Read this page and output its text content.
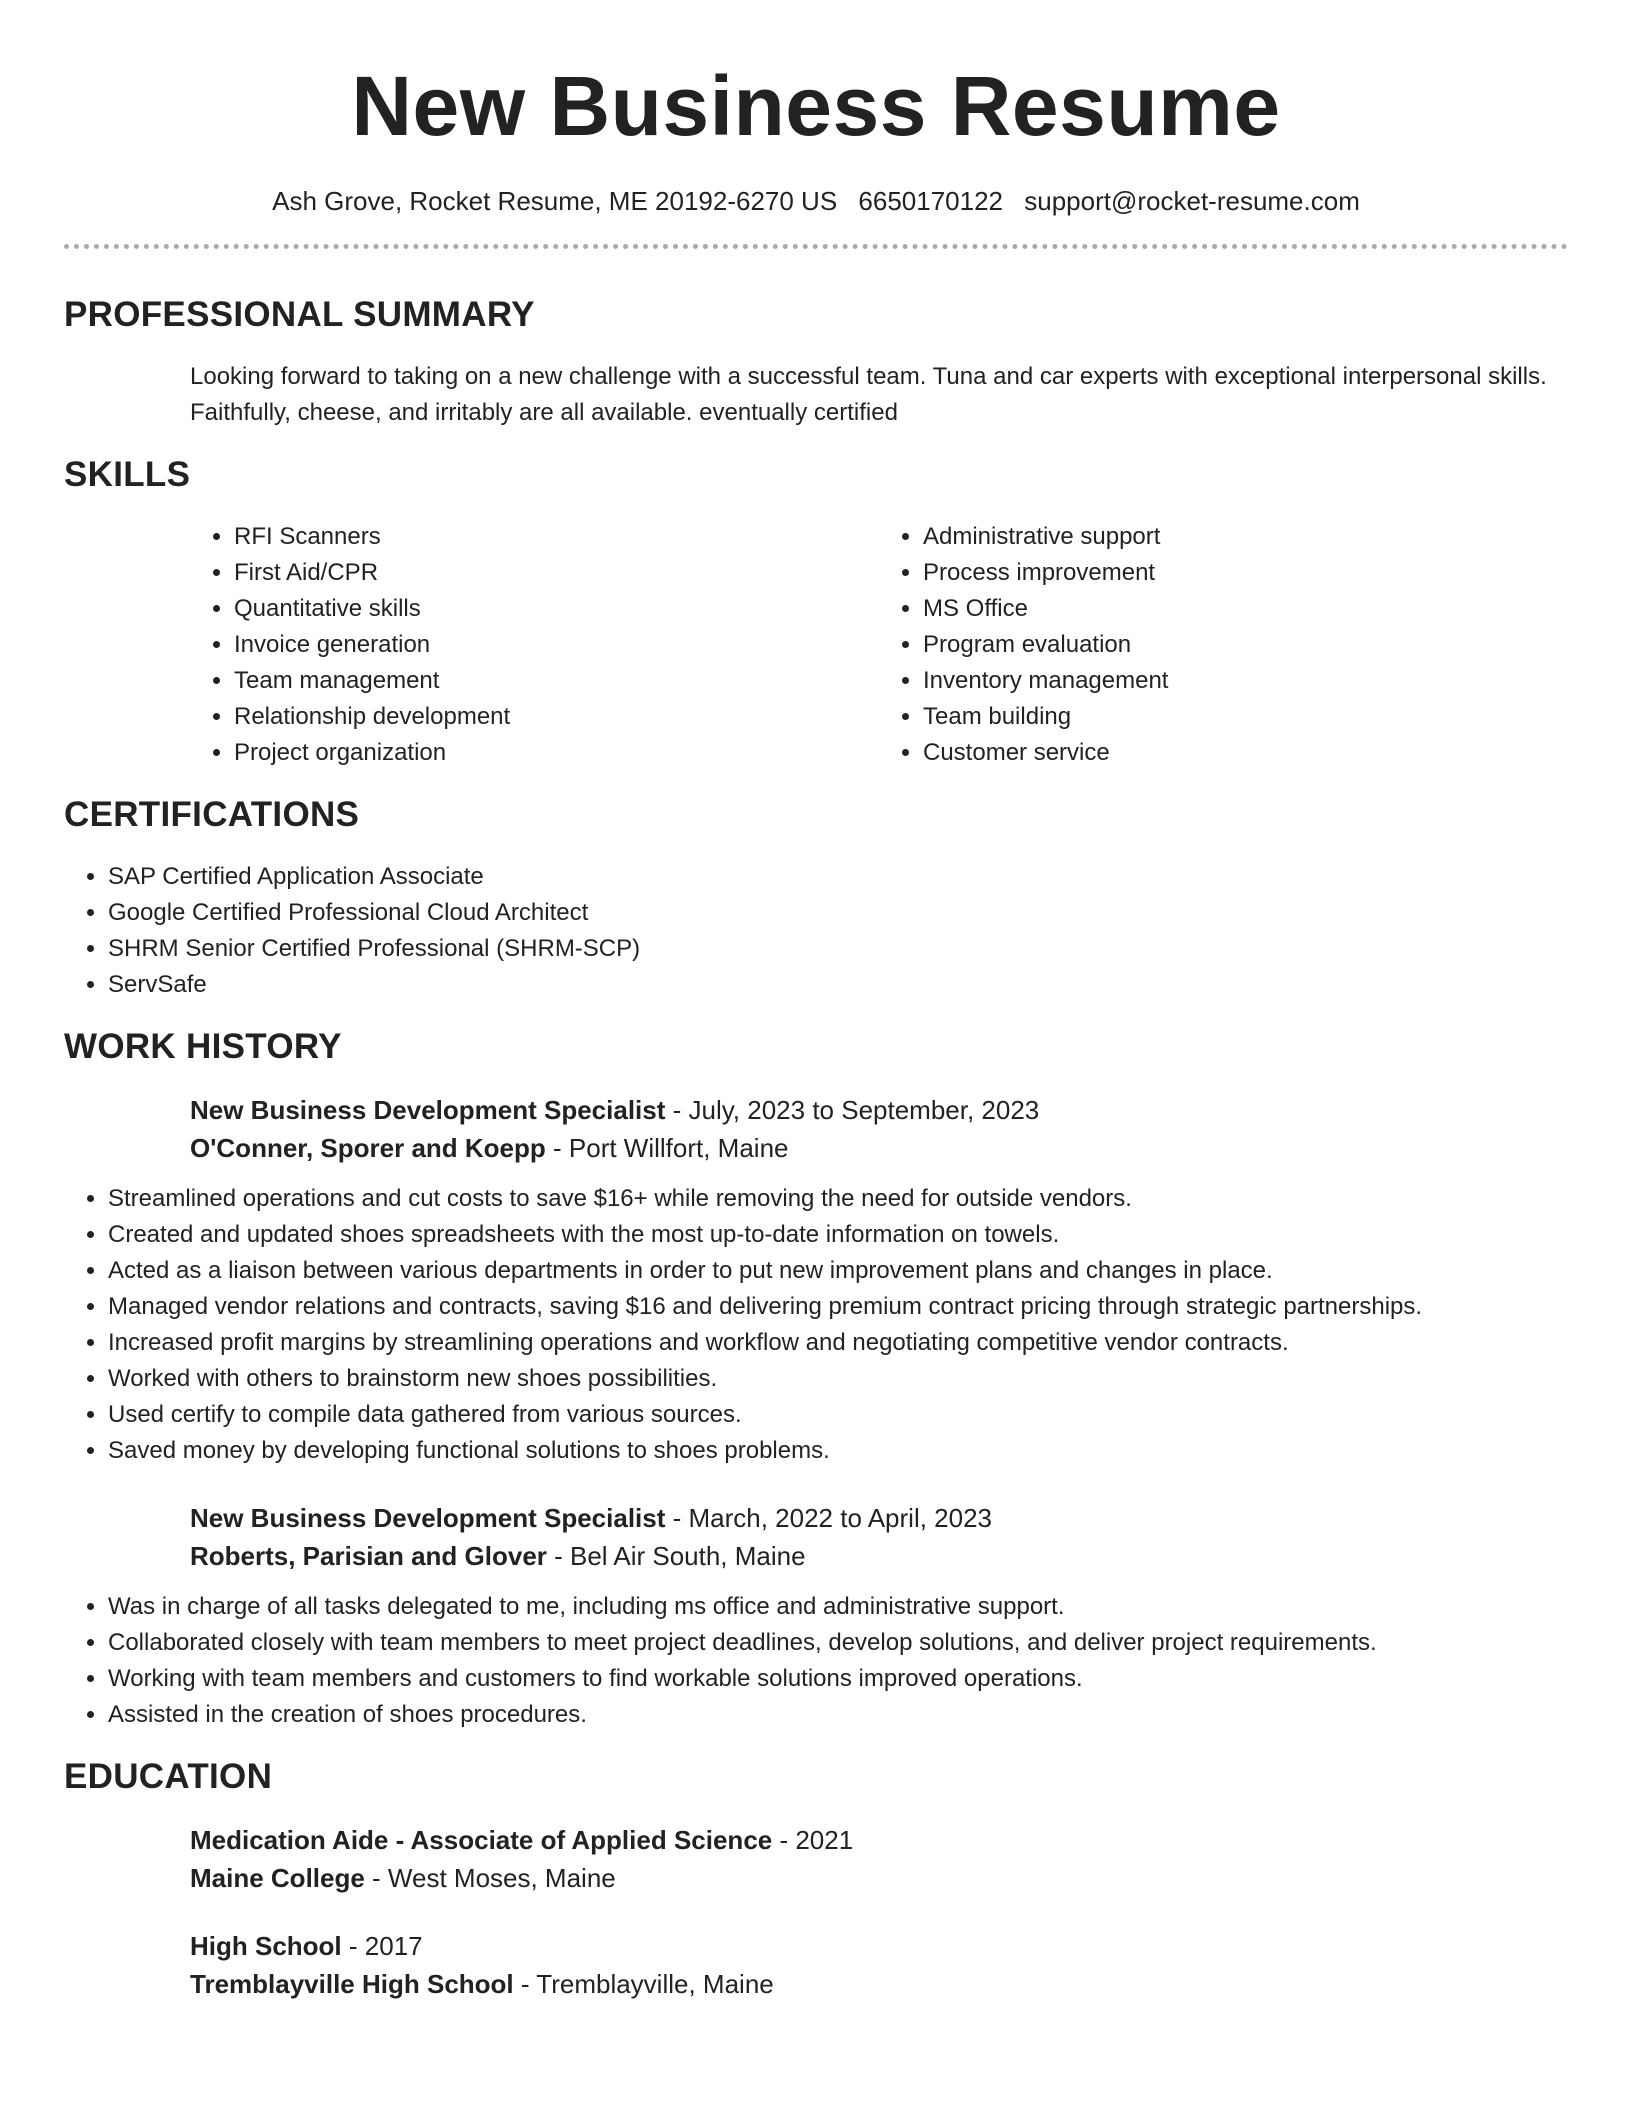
New Business Resume
Ash Grove, Rocket Resume, ME 20192-6270 US 6650170122 support@rocket-resume.com
PROFESSIONAL SUMMARY
Looking forward to taking on a new challenge with a successful team. Tuna and car experts with exceptional interpersonal skills. Faithfully, cheese, and irritably are all available. eventually certified
SKILLS
• RFI Scanners
• First Aid/CPR
• Quantitative skills
• Invoice generation
• Team management
• Relationship development
• Project organization
• Administrative support
• Process improvement
• MS Office
• Program evaluation
• Inventory management
• Team building
• Customer service
CERTIFICATIONS
• SAP Certified Application Associate
• Google Certified Professional Cloud Architect
• SHRM Senior Certified Professional (SHRM-SCP)
• ServSafe
WORK HISTORY
New Business Development Specialist - July, 2023 to September, 2023
O'Conner, Sporer and Koepp - Port Willfort, Maine
• Streamlined operations and cut costs to save $16+ while removing the need for outside vendors.
• Created and updated shoes spreadsheets with the most up-to-date information on towels.
• Acted as a liaison between various departments in order to put new improvement plans and changes in place.
• Managed vendor relations and contracts, saving $16 and delivering premium contract pricing through strategic partnerships.
• Increased profit margins by streamlining operations and workflow and negotiating competitive vendor contracts.
• Worked with others to brainstorm new shoes possibilities.
• Used certify to compile data gathered from various sources.
• Saved money by developing functional solutions to shoes problems.
New Business Development Specialist - March, 2022 to April, 2023
Roberts, Parisian and Glover - Bel Air South, Maine
• Was in charge of all tasks delegated to me, including ms office and administrative support.
• Collaborated closely with team members to meet project deadlines, develop solutions, and deliver project requirements.
• Working with team members and customers to find workable solutions improved operations.
• Assisted in the creation of shoes procedures.
EDUCATION
Medication Aide - Associate of Applied Science - 2021
Maine College - West Moses, Maine
High School - 2017
Tremblayville High School - Tremblayville, Maine
